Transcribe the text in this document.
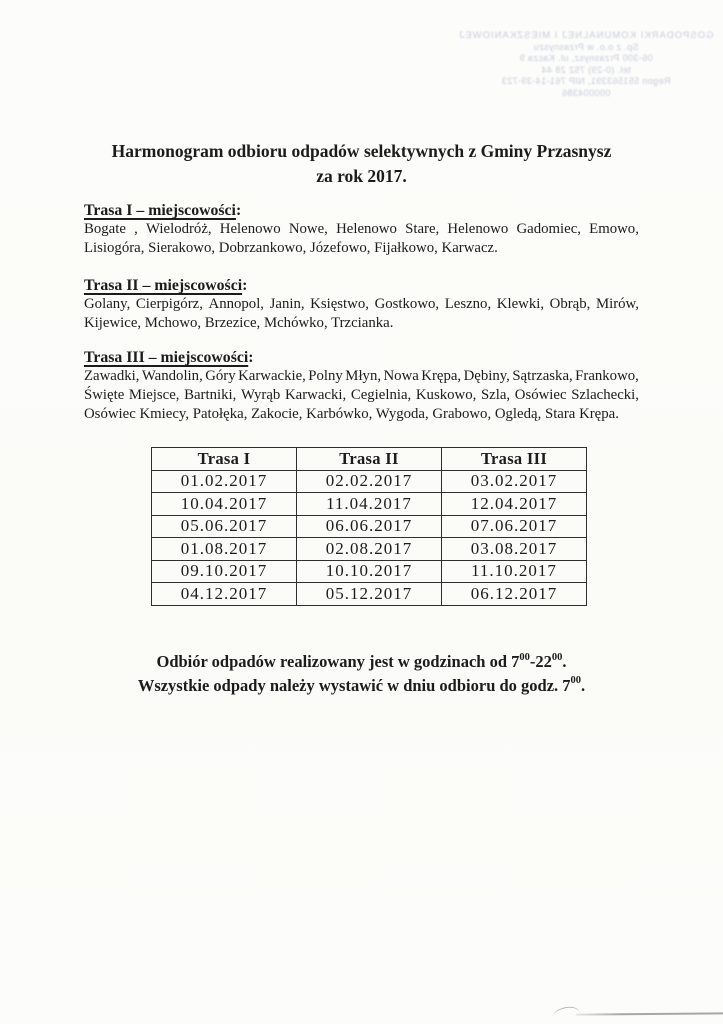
GOSPODARKI KOMUNALNEJ I MIESZKANIOWEJ
Sp. z o.o. w Przasnyszu
06-300 Przasnysz, ul. Kacza 9
tel. (0-29) 752 28 44
Regon 551563391, NIP 761-14-39-723
000004386
Harmonogram odbioru odpadów selektywnych z Gminy Przasnysz
za rok 2017.
Trasa I – miejscowości:
Bogate , Wielodróż, Helenowo Nowe, Helenowo Stare, Helenowo Gadomiec, Emowo,
Lisiogóra, Sierakowo, Dobrzankowo, Józefowo, Fijałkowo, Karwacz.
Trasa II – miejscowości:
Golany, Cierpigórz, Annopol, Janin, Księstwo, Gostkowo, Leszno, Klewki, Obrąb, Mirów,
Kijewice, Mchowo, Brzezice, Mchówko, Trzcianka.
Trasa III – miejscowości:
Zawadki, Wandolin, Góry Karwackie, Polny Młyn, Nowa Krępa, Dębiny, Sątrzaska, Frankowo,
Święte Miejsce, Bartniki, Wyrąb Karwacki, Cegielnia, Kuskowo, Szla, Osówiec Szlachecki,
Osówiec Kmiecy, Patołęka, Zakocie, Karbówko, Wygoda, Grabowo, Ogledą, Stara Krępa.
Trasa I	Trasa II	Trasa III
01.02.2017	02.02.2017	03.02.2017
10.04.2017	11.04.2017	12.04.2017
05.06.2017	06.06.2017	07.06.2017
01.08.2017	02.08.2017	03.08.2017
09.10.2017	10.10.2017	11.10.2017
04.12.2017	05.12.2017	06.12.2017
Odbiór odpadów realizowany jest w godzinach od $7^{00}-22^{00}$.
Wszystkie odpady należy wystawić w dniu odbioru do godz. $7^{00}$.
